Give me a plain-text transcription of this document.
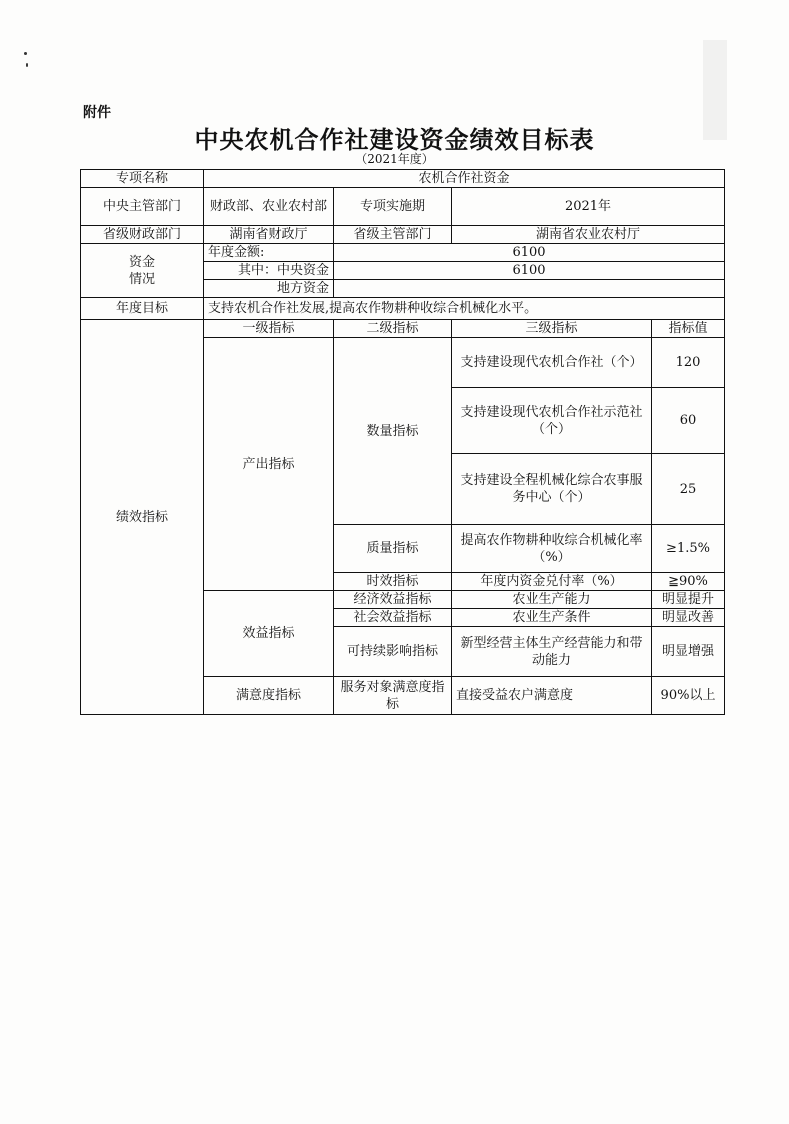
附件
中央农机合作社建设资金绩效目标表
（2021年度）
专项名称	农机合作社资金			
中央主管部门	财政部、农业农村部	专项实施期	2021年	
省级财政部门	湖南省财政厅	省级主管部门	湖南省农业农村厅	

资金
情况	年度金额:	6100		
	其中：中央资金	6100		
	地方资金			
年度目标	支持农机合作社发展,提高农作物耕种收综合机械化水平。			
绩效指标	一级指标	二级指标	三级指标	指标值
	产出指标	数量指标	支持建设现代农机合作社（个）	120
			支持建设现代农机合作社示范社（个）	60
			支持建设全程机械化综合农事服务中心（个）	25
		质量指标	提高农作物耕种收综合机械化率（%）	≥1.5%
		时效指标	年度内资金兑付率（%）	≧90%
	效益指标	经济效益指标	农业生产能力	明显提升
		社会效益指标	农业生产条件	明显改善
		可持续影响指标	新型经营主体生产经营能力和带动能力	明显增强
	满意度指标	服务对象满意度指标	直接受益农户满意度	90%以上
